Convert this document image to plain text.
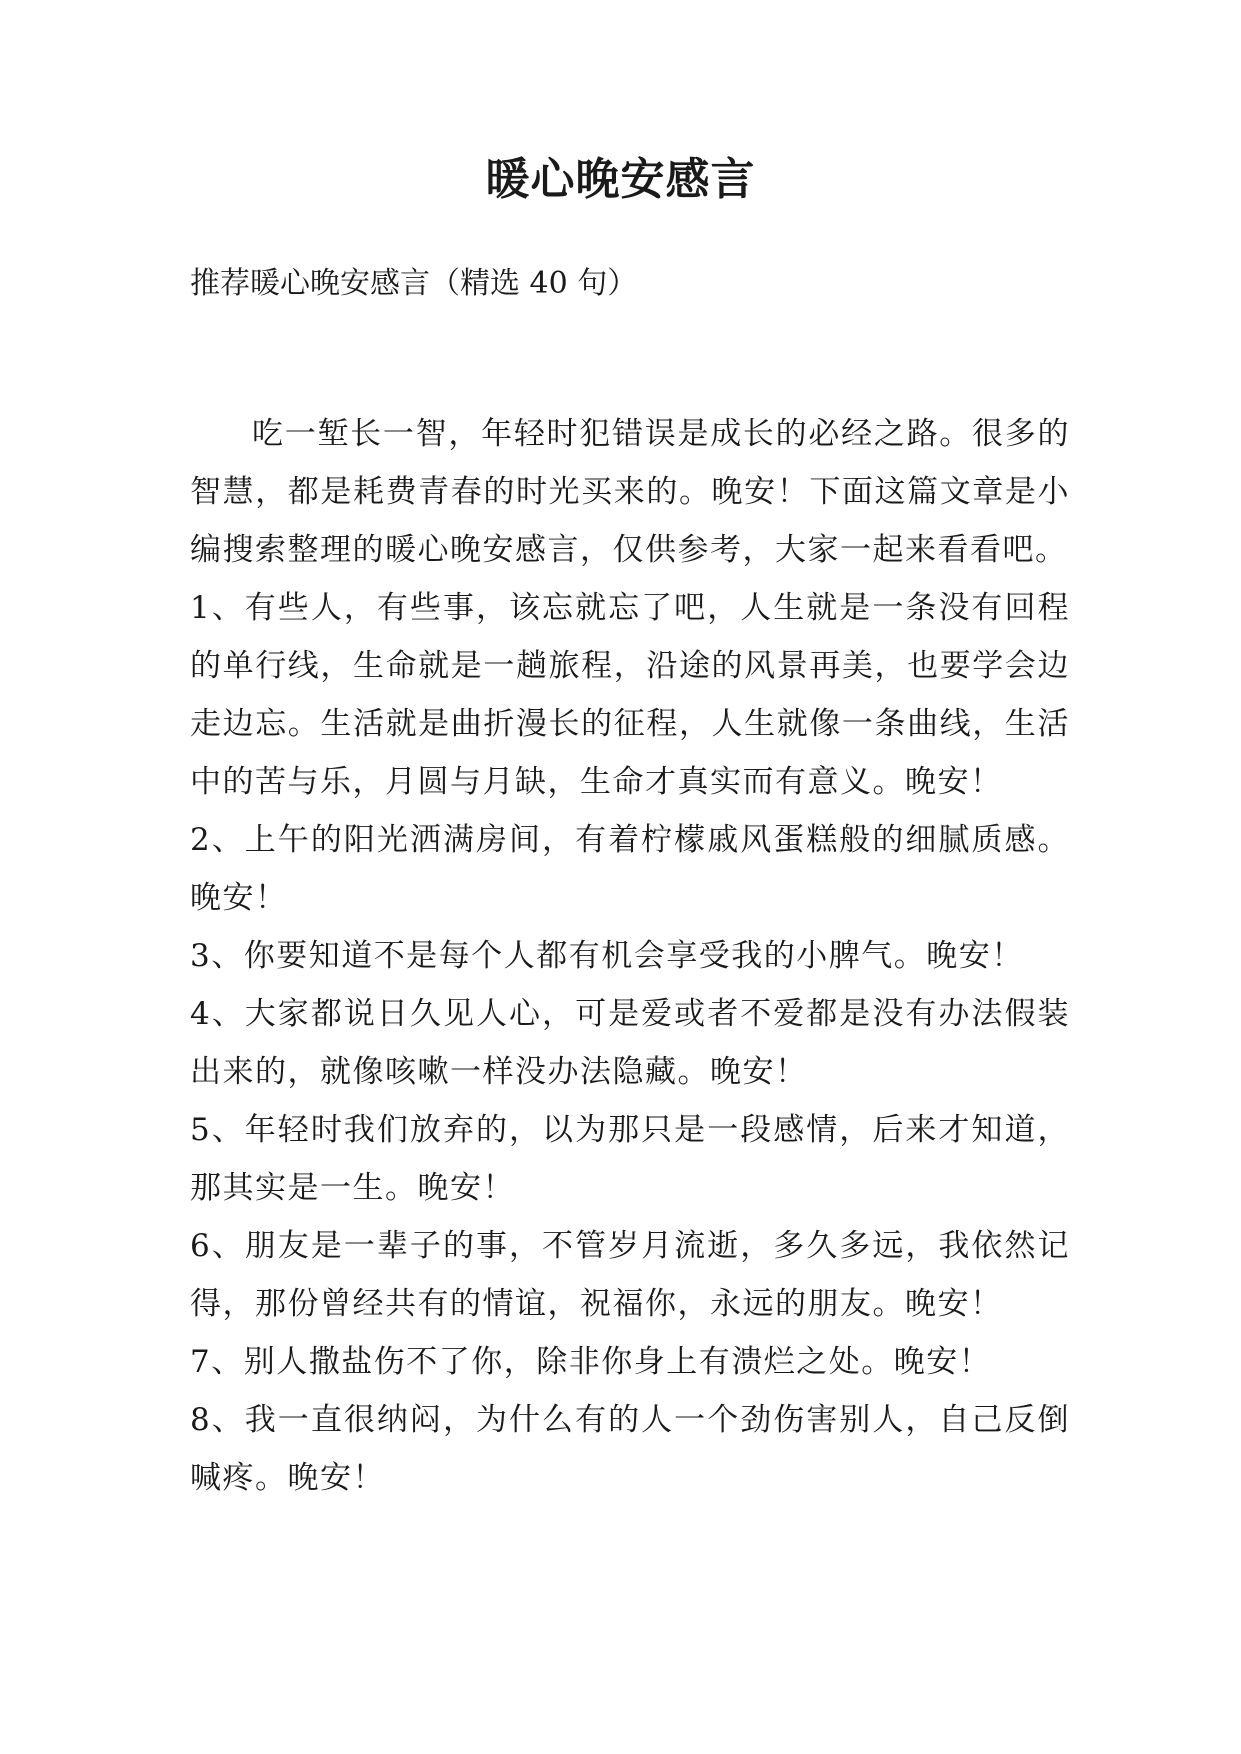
暖心晚安感言
推荐暖心晚安感言（精选 40 句）

吃一堑长一智，年轻时犯错误是成长的必经之路。很多的智慧，都是耗费青春的时光买来的。晚安！下面这篇文章是小编搜索整理的暖心晚安感言，仅供参考，大家一起来看看吧。

1、有些人，有些事，该忘就忘了吧，人生就是一条没有回程的单行线，生命就是一趟旅程，沿途的风景再美，也要学会边走边忘。生活就是曲折漫长的征程，人生就像一条曲线，生活中的苦与乐，月圆与月缺，生命才真实而有意义。晚安！

2、上午的阳光洒满房间，有着柠檬戚风蛋糕般的细腻质感。晚安！

3、你要知道不是每个人都有机会享受我的小脾气。晚安！

4、大家都说日久见人心，可是爱或者不爱都是没有办法假装出来的，就像咳嗽一样没办法隐藏。晚安！

5、年轻时我们放弃的，以为那只是一段感情，后来才知道，那其实是一生。晚安！

6、朋友是一辈子的事，不管岁月流逝，多久多远，我依然记得，那份曾经共有的情谊，祝福你，永远的朋友。晚安！

7、别人撒盐伤不了你，除非你身上有溃烂之处。晚安！

8、我一直很纳闷，为什么有的人一个劲伤害别人，自己反倒喊疼。晚安！
